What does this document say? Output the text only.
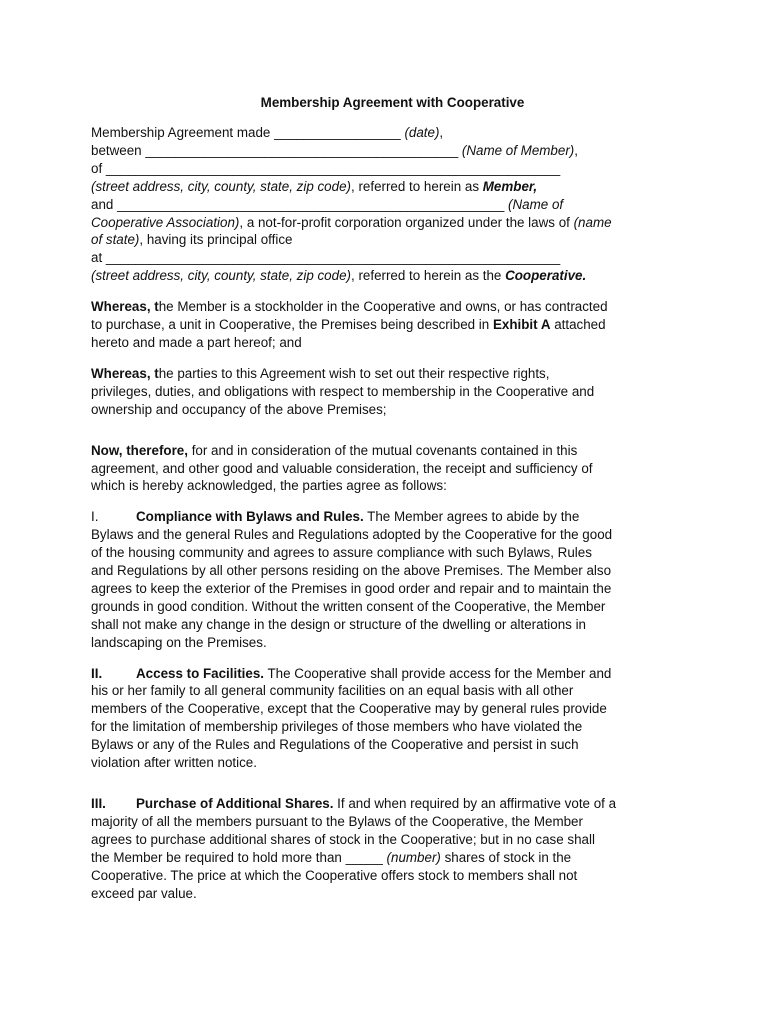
Membership Agreement with Cooperative
Membership Agreement made _________________ (date),
between __________________________________________ (Name of Member),
of _____________________________________________________________
(street address, city, county, state, zip code), referred to herein as Member,
and ____________________________________________________ (Name of
Cooperative Association), a not-for-profit corporation organized under the laws of (name
of state), having its principal office
at _____________________________________________________________
(street address, city, county, state, zip code), referred to herein as the Cooperative.
Whereas, the Member is a stockholder in the Cooperative and owns, or has contracted
to purchase, a unit in Cooperative, the Premises being described in Exhibit A attached
hereto and made a part hereof; and
Whereas, the parties to this Agreement wish to set out their respective rights,
privileges, duties, and obligations with respect to membership in the Cooperative and
ownership and occupancy of the above Premises;
Now, therefore, for and in consideration of the mutual covenants contained in this
agreement, and other good and valuable consideration, the receipt and sufficiency of
which is hereby acknowledged, the parties agree as follows:
I.	Compliance with Bylaws and Rules. The Member agrees to abide by the
Bylaws and the general Rules and Regulations adopted by the Cooperative for the good
of the housing community and agrees to assure compliance with such Bylaws, Rules
and Regulations by all other persons residing on the above Premises. The Member also
agrees to keep the exterior of the Premises in good order and repair and to maintain the
grounds in good condition. Without the written consent of the Cooperative, the Member
shall not make any change in the design or structure of the dwelling or alterations in
landscaping on the Premises.
II.	Access to Facilities. The Cooperative shall provide access for the Member and
his or her family to all general community facilities on an equal basis with all other
members of the Cooperative, except that the Cooperative may by general rules provide
for the limitation of membership privileges of those members who have violated the
Bylaws or any of the Rules and Regulations of the Cooperative and persist in such
violation after written notice.
III. Purchase of Additional Shares. If and when required by an affirmative vote of a
majority of all the members pursuant to the Bylaws of the Cooperative, the Member
agrees to purchase additional shares of stock in the Cooperative; but in no case shall
the Member be required to hold more than _____ (number) shares of stock in the
Cooperative. The price at which the Cooperative offers stock to members shall not
exceed par value.
